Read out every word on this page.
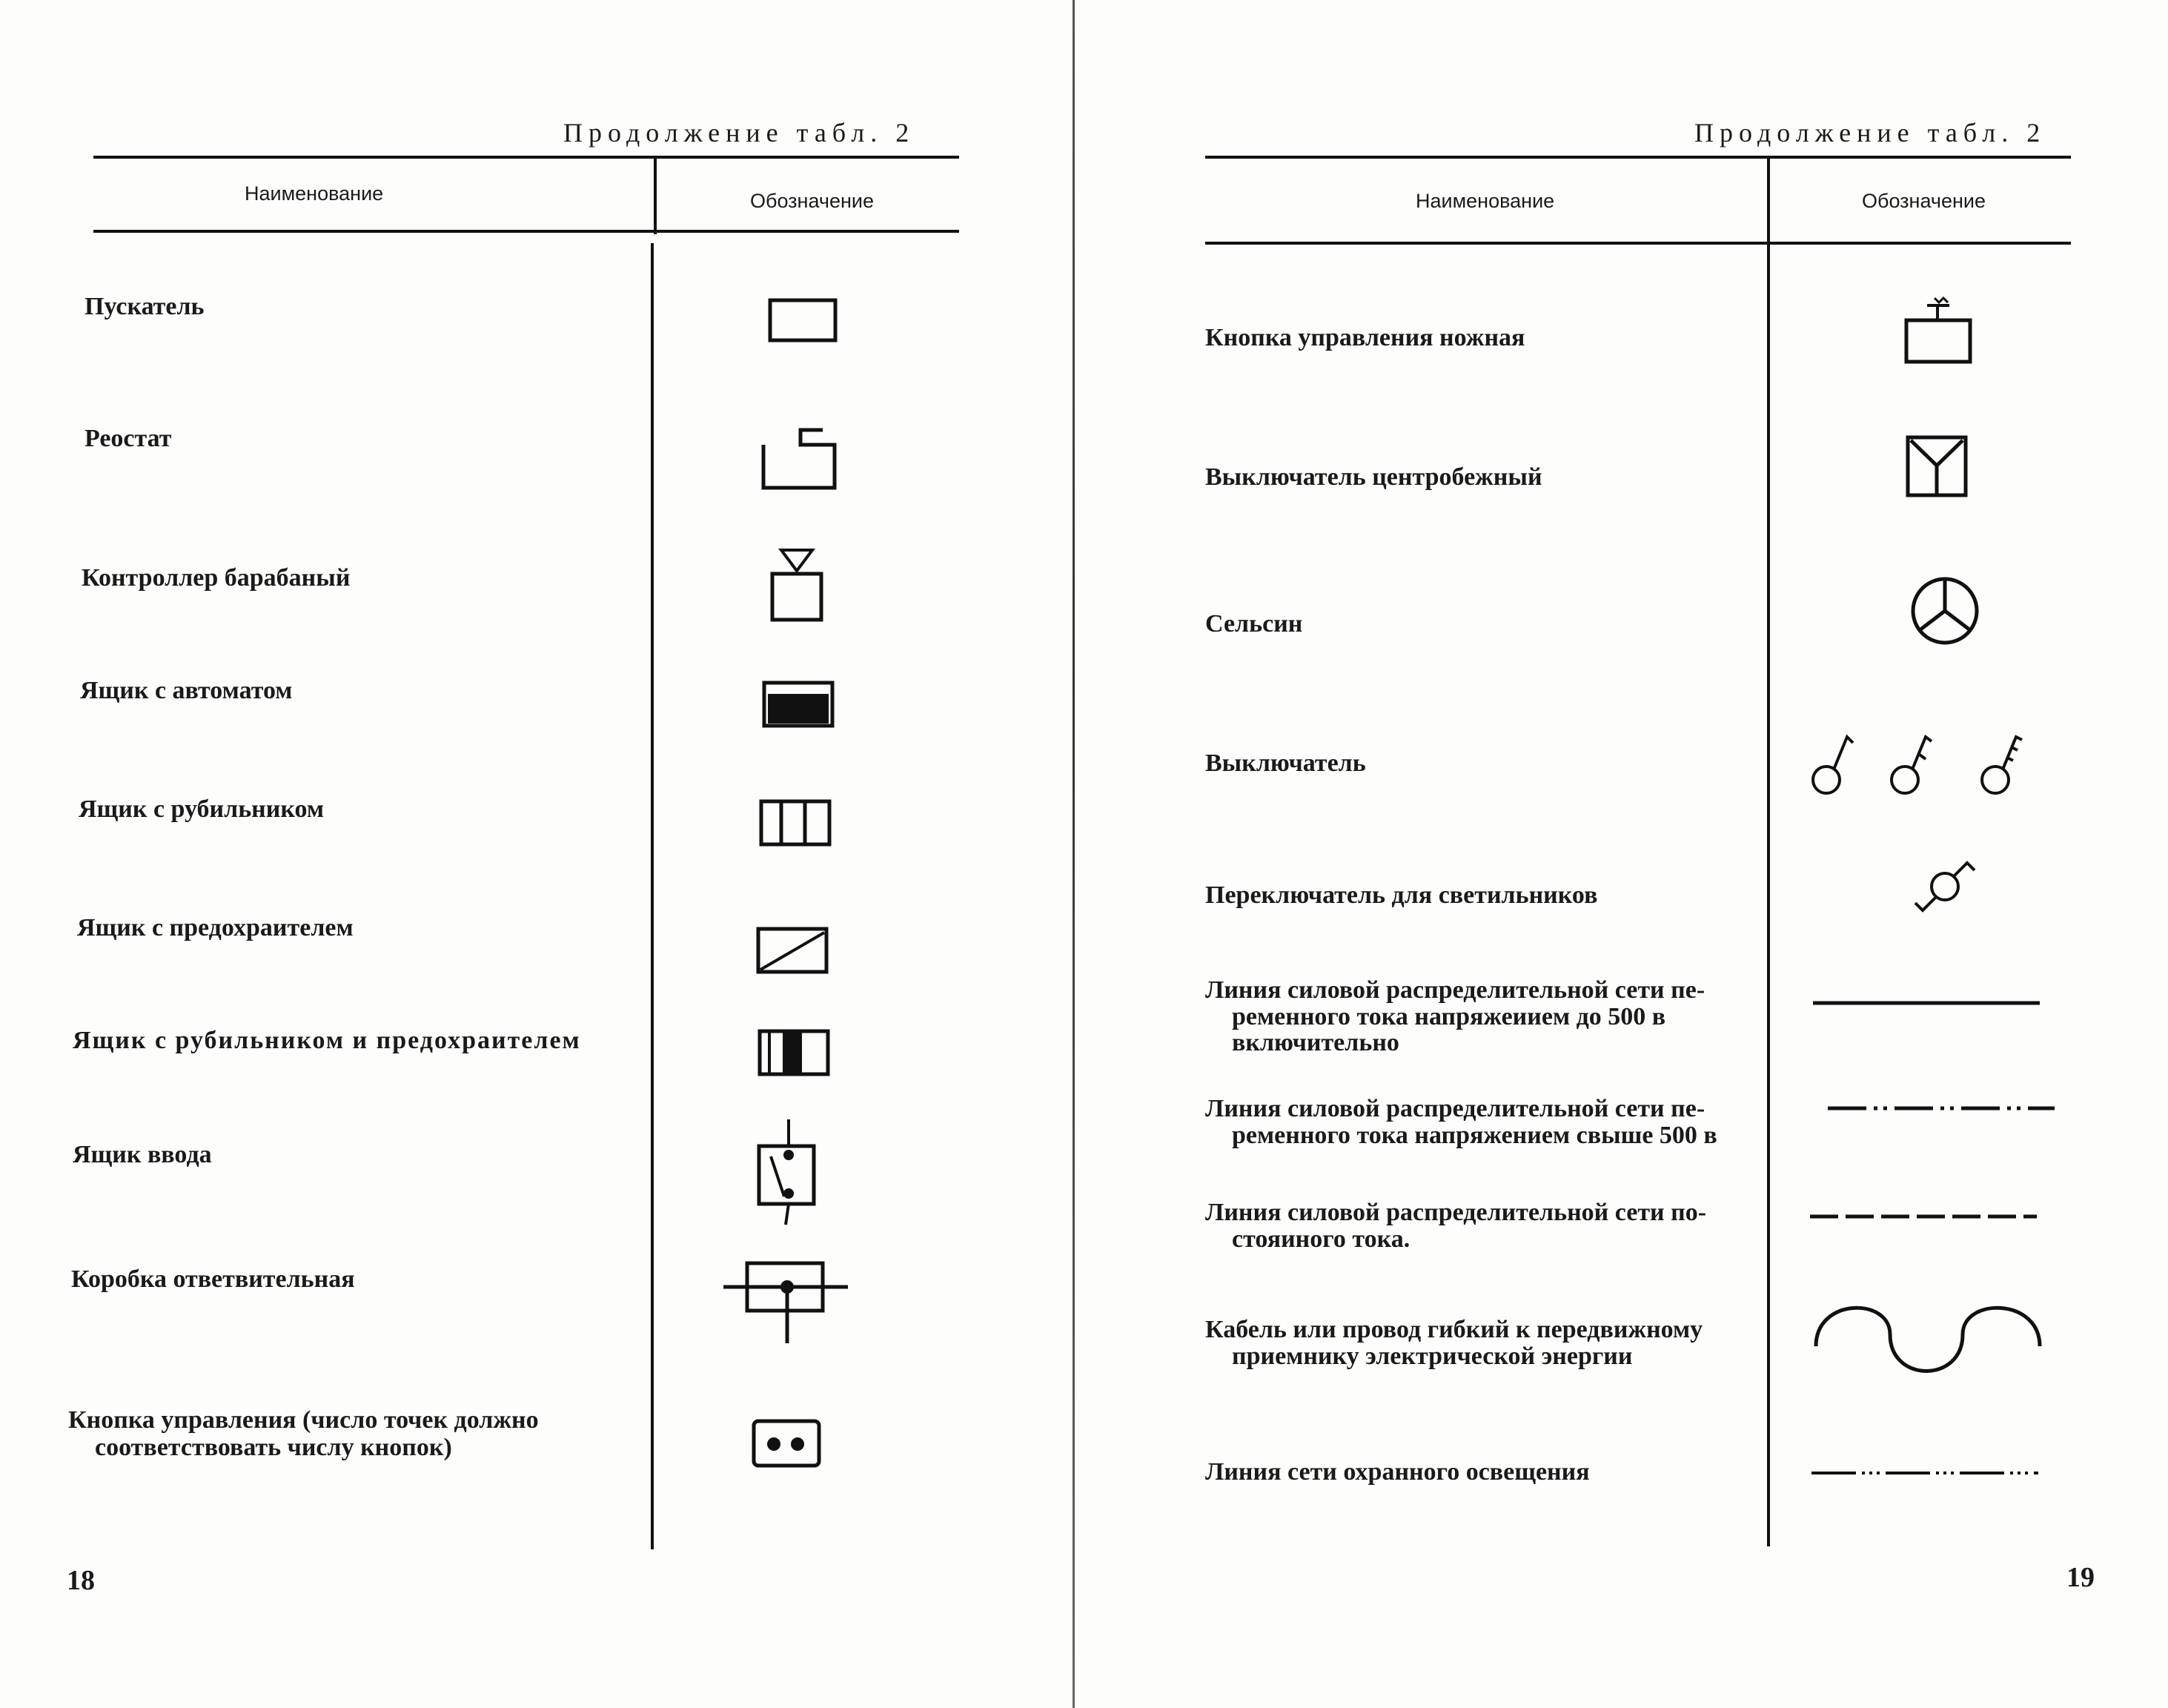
Продолжение табл. 2
Наименование	Обозначение
Пускатель
Реостат
Контроллер барабаный
Ящик с автоматом
Ящик с рубильником
Ящик с предохраителем
Ящик с рубильником и предохраителем
Ящик ввода
Коробка ответвительная
Кнопка управления (число точек должно
соответствовать числу кнопок)
18
Продолжение табл. 2
Наименование	Обозначение
Кнопка управления ножная
Выключатель центробежный
Сельсин
Выключатель
Переключатель для светильников
Линия силовой распределительной сети пе-
ременного тока напряжеиием до 500 в
включительно
Линия силовой распределительной сети пе-
ременного тока напряжением свыше 500 в
Линия силовой распределительной сети по-
стояиного тока.
Кабель или провод гибкий к передвижному
приемнику электрической энергии
Линия сети охранного освещения
19
